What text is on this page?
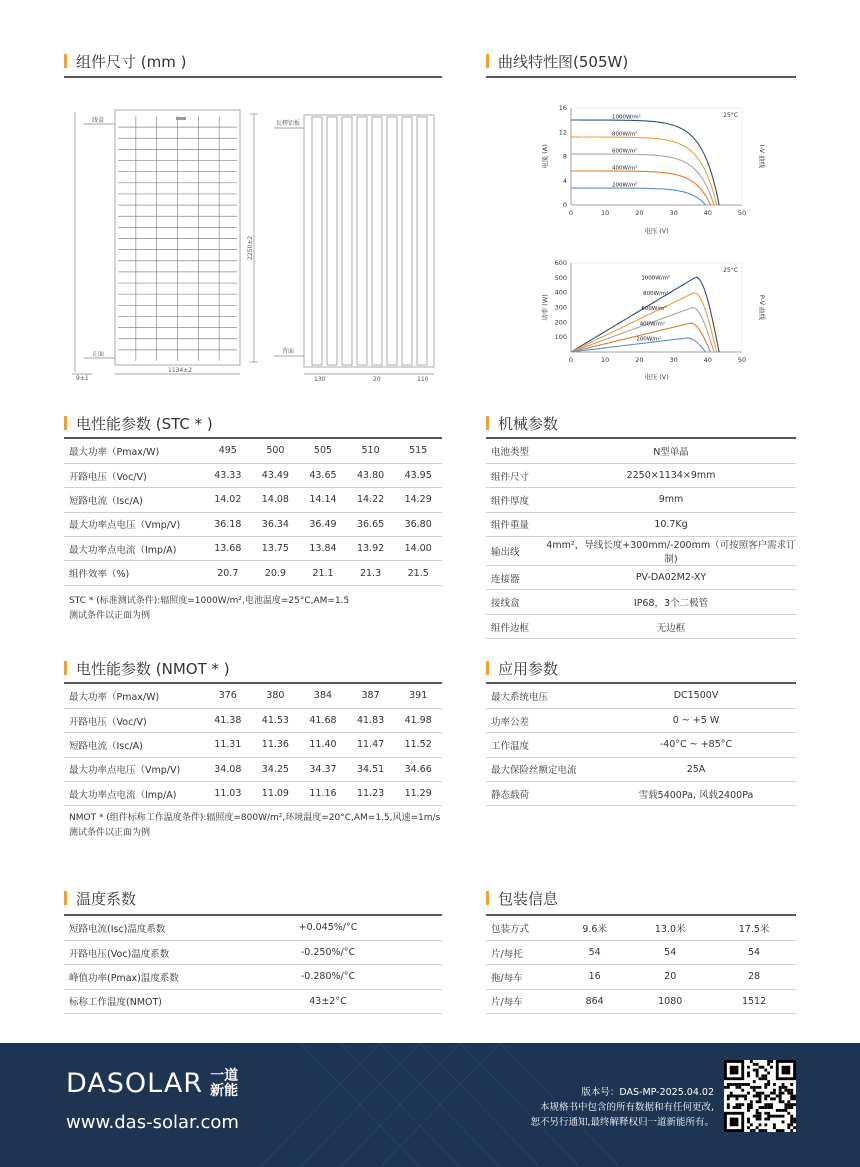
组件尺寸 (mm )	曲线特性图(505W)
线盒
正面
2250±2
1134±2
9±1
瓦楞铝板
背面
130	20	110
0	10	20	30	40	50
0
4
8
12
16
电压 (V)
电流 (A)
25°C
I-V 曲线
1000W/m²
800W/m²
600W/m²
400W/m²
200W/m²
0	10	20	30	40	50
100
200
300
400
500
600
电压 (V)
功率 (W)
25°C
P-V 曲线
1000W/m²
800W/m²
600W/m²
400W/m²
200W/m²
电性能参数 (STC * )
最大功率（Pmax/W)	495	500	505	510	515
开路电压（Voc/V)	43.33	43.49	43.65	43.80	43.95
短路电流（Isc/A)	14.02	14.08	14.14	14.22	14.29
最大功率点电压（Vmp/V)	36.18	36.34	36.49	36.65	36.80
最大功率点电流（Imp/A)	13.68	13.75	13.84	13.92	14.00
组件效率（%)	20.7	20.9	21.1	21.3	21.5
STC * (标准测试条件):辐照度=1000W/m²,电池温度=25°C,AM=1.5
测试条件以正面为例
机械参数
电池类型	N型单晶
组件尺寸	2250×1134×9mm
组件厚度	9mm
组件重量	10.7Kg
输出线	4mm²，导线长度+300mm/-200mm（可按照客户需求订制)
连接器	PV-DA02M2-XY
接线盒	IP68，3个二极管
组件边框	无边框
电性能参数 (NMOT * )
最大功率（Pmax/W)	376	380	384	387	391
开路电压（Voc/V)	41.38	41.53	41.68	41.83	41.98
短路电流（Isc/A)	11.31	11.36	11.40	11.47	11.52
最大功率点电压（Vmp/V)	34.08	34.25	34.37	34.51	34.66
最大功率点电流（Imp/A)	11.03	11.09	11.16	11.23	11.29
NMOT * (组件标称工作温度条件):辐照度=800W/m²,环境温度=20°C,AM=1.5,风速=1m/s
测试条件以正面为例
应用参数
最大系统电压	DC1500V
功率公差	0 ~ +5 W
工作温度	-40°C ~ +85°C
最大保险丝额定电流	25A
静态载荷	雪载5400Pa, 风载2400Pa
温度系数
短路电流(Isc)温度系数	+0.045%/°C
开路电压(Voc)温度系数	-0.250%/°C
峰值功率(Pmax)温度系数	-0.280%/°C
标称工作温度(NMOT)	43±2°C
包装信息
包装方式	9.6米	13.0米	17.5米
片/每托	54	54	54
拖/每车	16	20	28
片/每车	864	1080	1512
DASOLAR 一道
新能
www.das-solar.com
版本号：DAS-MP-2025.04.02
本规格书中包含的所有数据和有任何更改,
恕不另行通知,最终解释权归一道新能所有。
